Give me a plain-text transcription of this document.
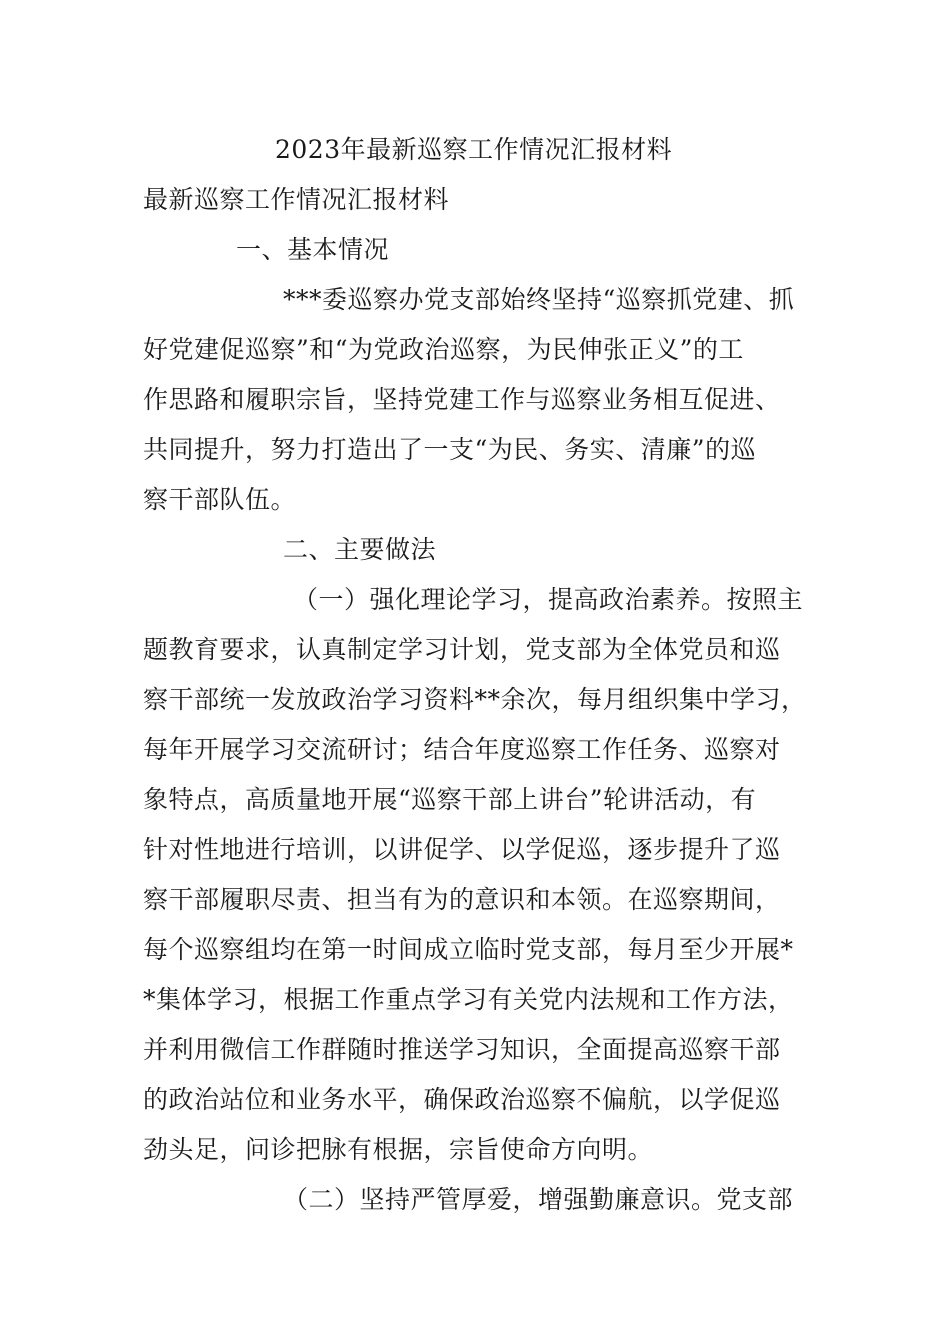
2023年最新巡察工作情况汇报材料
最新巡察工作情况汇报材料
一、基本情况
***委巡察办党支部始终坚持“巡察抓党建、抓
好党建促巡察”和“为党政治巡察，为民伸张正义”的工
作思路和履职宗旨，坚持党建工作与巡察业务相互促进、
共同提升，努力打造出了一支“为民、务实、清廉”的巡
察干部队伍。
二、主要做法
（一）强化理论学习，提高政治素养。按照主
题教育要求，认真制定学习计划，党支部为全体党员和巡
察干部统一发放政治学习资料**余次，每月组织集中学习，
每年开展学习交流研讨；结合年度巡察工作任务、巡察对
象特点，高质量地开展“巡察干部上讲台”轮讲活动，有
针对性地进行培训，以讲促学、以学促巡，逐步提升了巡
察干部履职尽责、担当有为的意识和本领。在巡察期间，
每个巡察组均在第一时间成立临时党支部，每月至少开展*
*集体学习，根据工作重点学习有关党内法规和工作方法，
并利用微信工作群随时推送学习知识，全面提高巡察干部
的政治站位和业务水平，确保政治巡察不偏航，以学促巡
劲头足，问诊把脉有根据，宗旨使命方向明。
（二）坚持严管厚爱，增强勤廉意识。党支部
